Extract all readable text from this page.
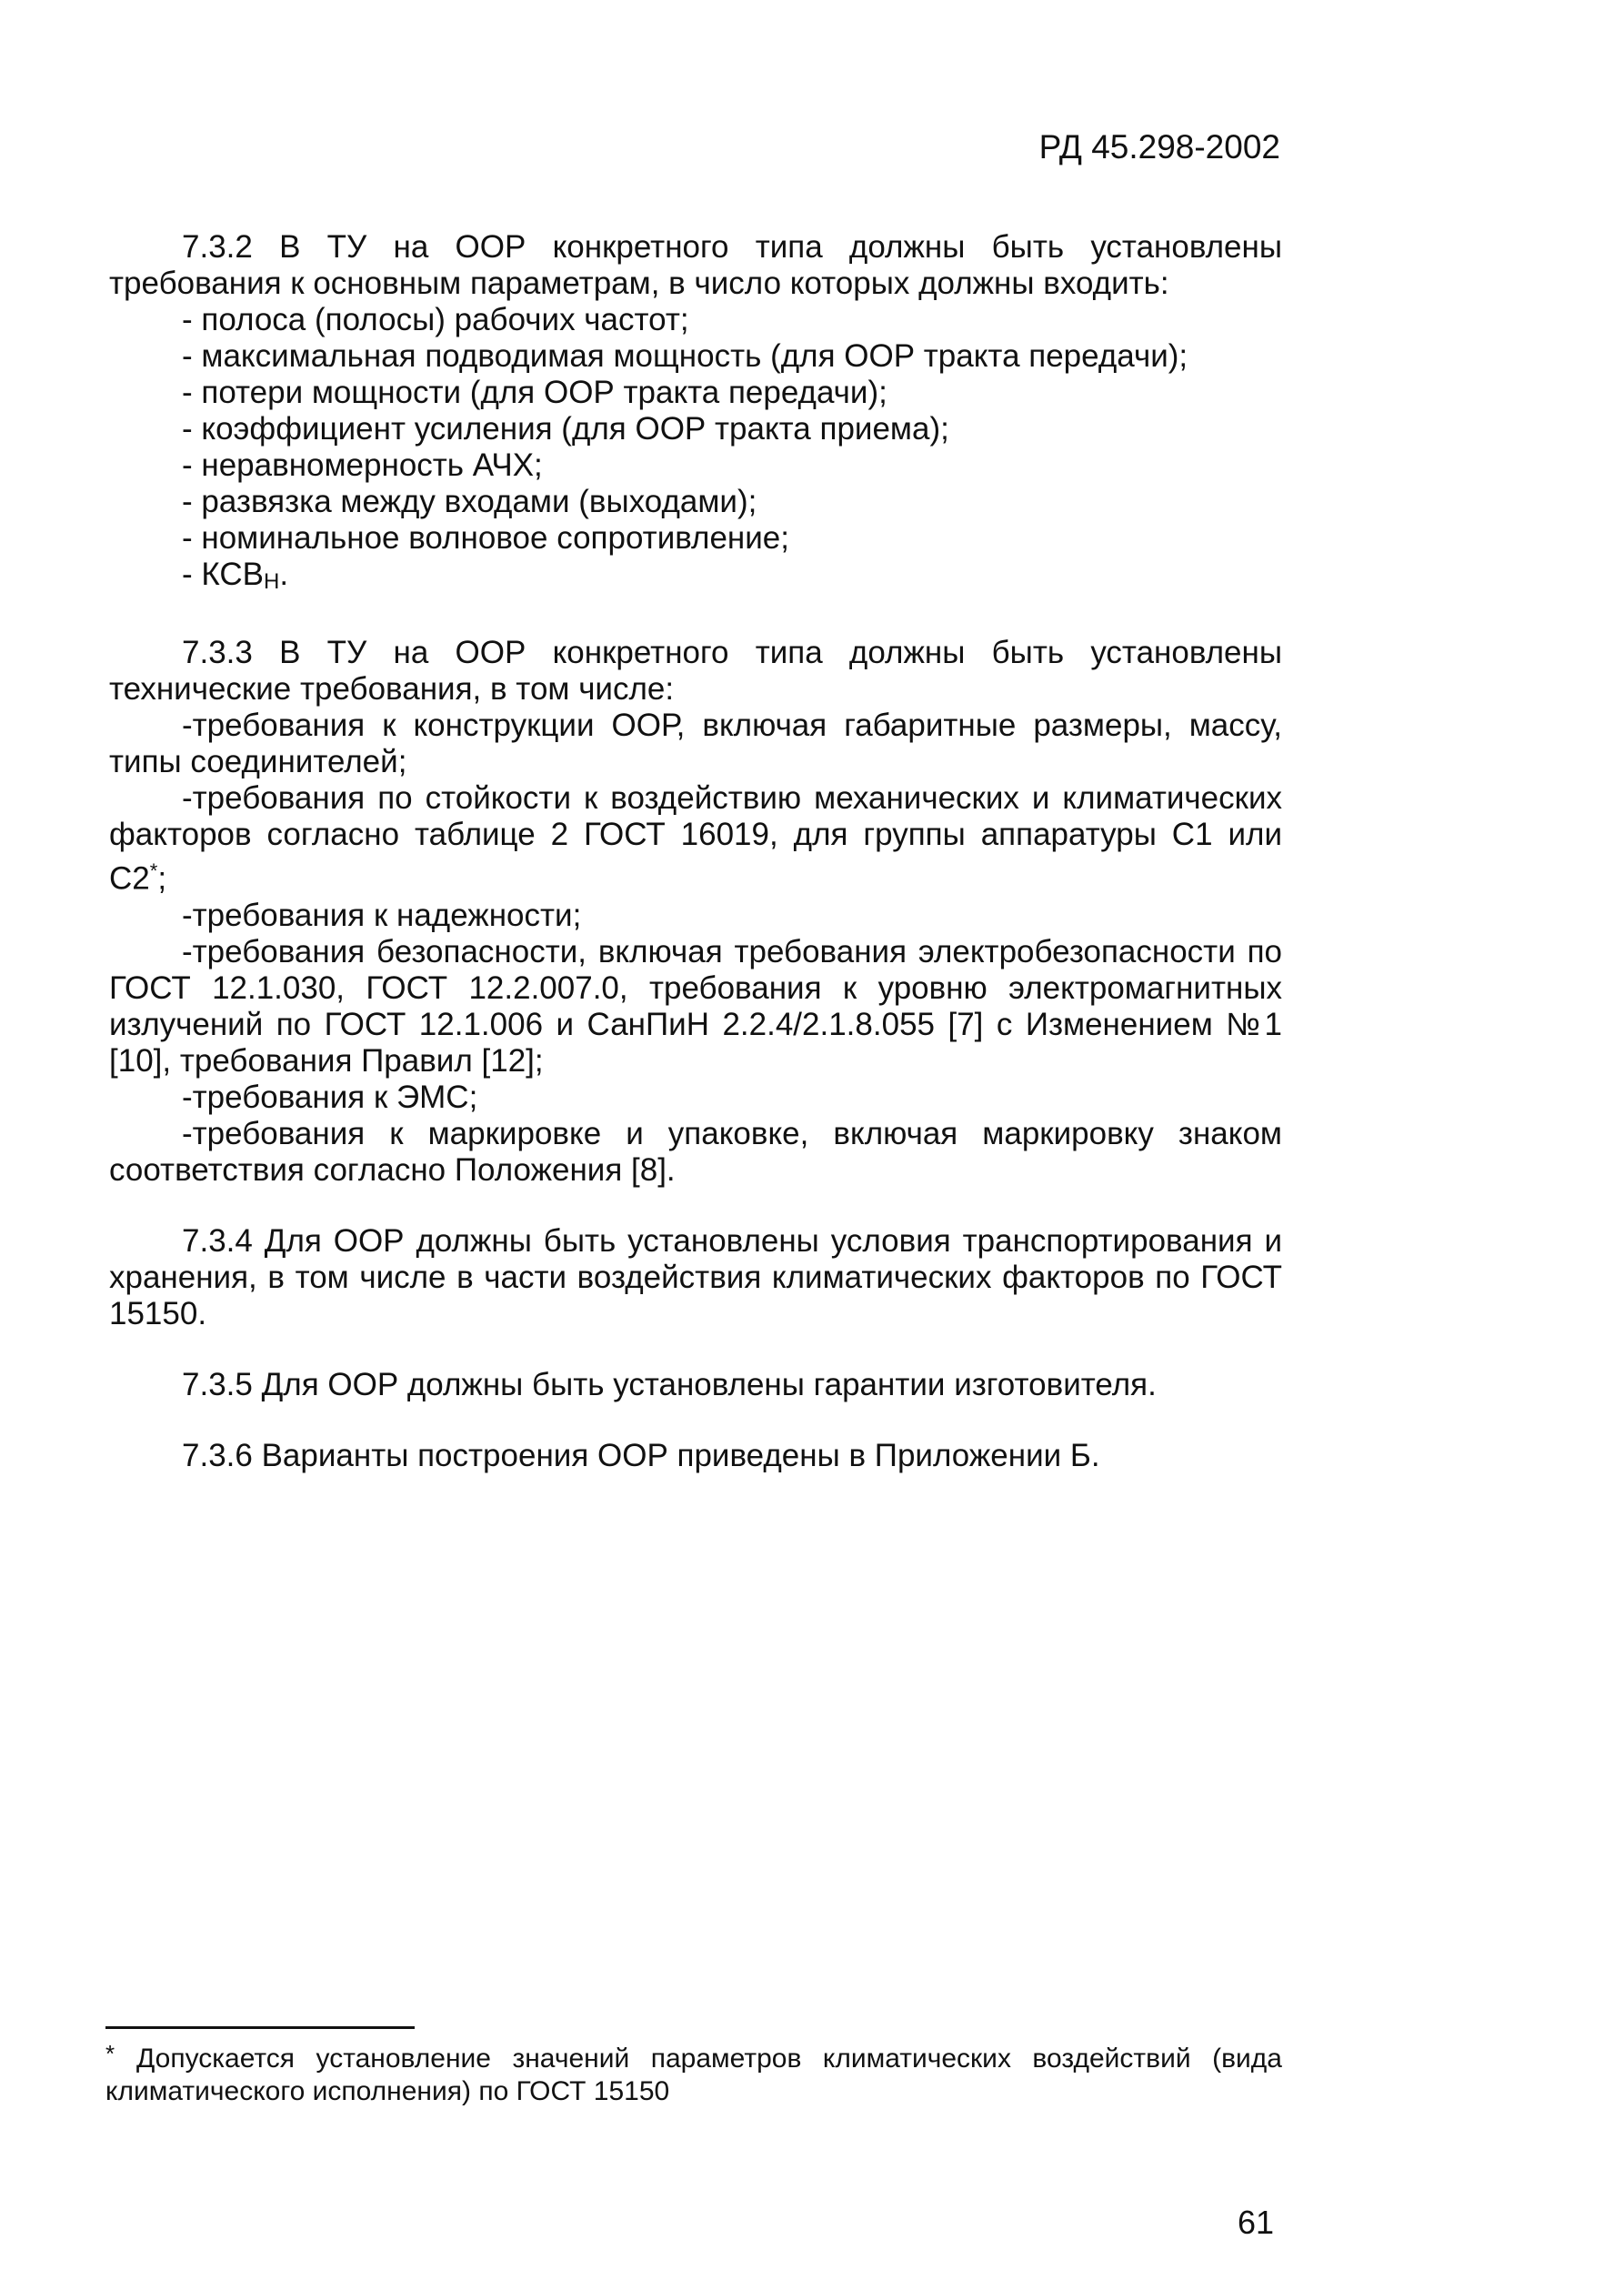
РД 45.298-2002

7.3.2 В ТУ на ООР конкретного типа должны быть установлены требования к основным параметрам, в число которых должны входить:

- полоса (полосы) рабочих частот;
- максимальная подводимая мощность (для ООР тракта передачи);
- потери мощности (для ООР тракта передачи);
- коэффициент усиления (для ООР тракта приема);
- неравномерность АЧХ;
- развязка между входами (выходами);
- номинальное волновое сопротивление;
- $КСВ_Н$.

7.3.3 В ТУ на ООР конкретного типа должны быть установлены технические требования, в том числе:

-требования к конструкции ООР, включая габаритные размеры, массу, типы соединителей;

-требования по стойкости к воздействию механических и климатических факторов согласно таблице 2 ГОСТ 16019, для группы аппаратуры С1 или С2*;

-требования к надежности;

-требования безопасности, включая требования электробезопасности по ГОСТ 12.1.030, ГОСТ 12.2.007.0, требования к уровню электромагнитных излучений по ГОСТ 12.1.006 и СанПиН 2.2.4/2.1.8.055 [7] с Изменением №1 [10], требования Правил [12];

-требования к ЭМС;

-требования к маркировке и упаковке, включая маркировку знаком соответствия согласно Положения [8].

7.3.4 Для ООР должны быть установлены условия транспортирования и хранения, в том числе в части воздействия климатических факторов по ГОСТ 15150.

7.3.5 Для ООР должны быть установлены гарантии изготовителя.

7.3.6 Варианты построения ООР приведены в Приложении Б.

* Допускается установление значений параметров климатических воздействий (вида климатического исполнения) по ГОСТ 15150
61
